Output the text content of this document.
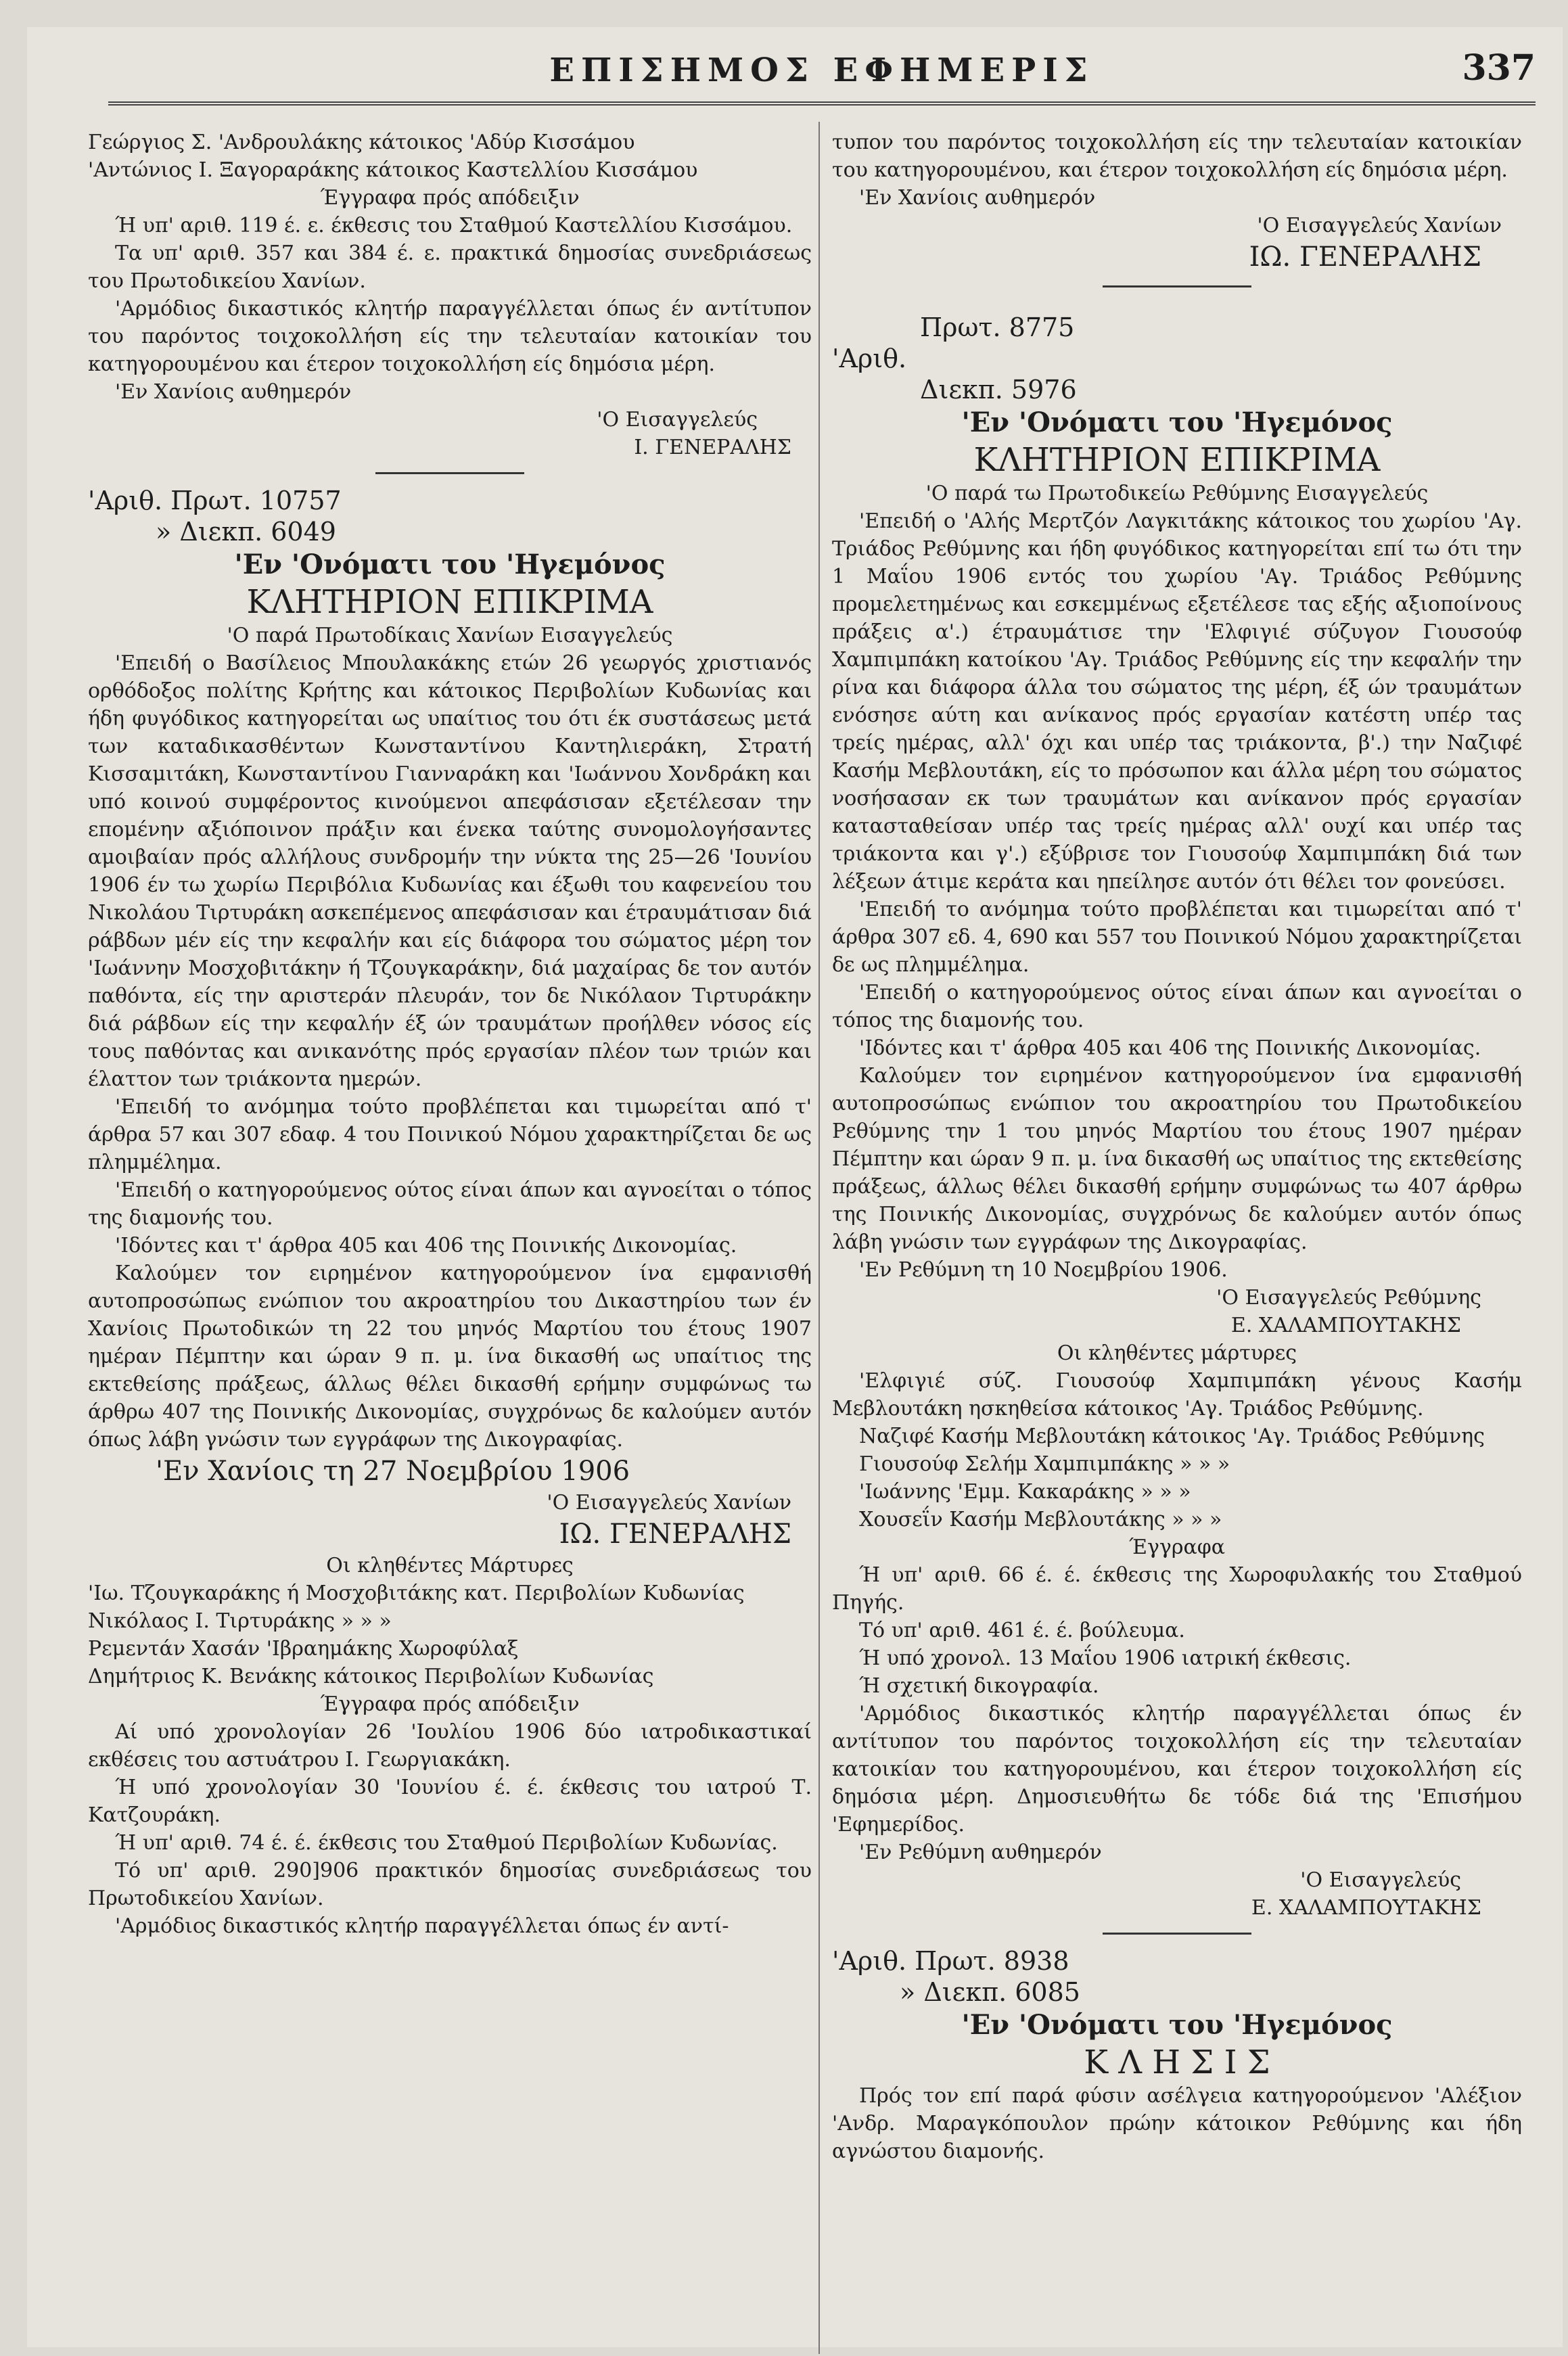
ΕΠΙΣΗΜΟΣ ΕΦΗΜΕΡΙΣ	337

Γεώργιος Σ. 'Ανδρουλάκης κάτοικος 'Αδύρ Κισσάμου

'Αντώνιος Ι. Ξαγοραράκης κάτοικος Καστελλίου Κισσάμου

Έγγραφα πρός απόδειξιν

Ή υπ' αριθ. 119 έ. ε. έκθεσις του Σταθμού Καστελλίου Κισσάμου.

Τα υπ' αριθ. 357 και 384 έ. ε. πρακτικά δημοσίας συνεδριάσεως του Πρωτοδικείου Χανίων.

'Αρμόδιος δικαστικός κλητήρ παραγγέλλεται όπως έν αντίτυπον του παρόντος τοιχοκολλήση είς την τελευταίαν κατοικίαν του κατηγορουμένου και έτερον τοιχοκολλήση είς δημόσια μέρη.

'Εν Χανίοις αυθημερόν

'Ο Εισαγγελεύς

Ι. ΓΕΝΕΡΑΛΗΣ

'Αριθ. Πρωτ. 10757

» Διεκπ. 6049

'Εν 'Ονόματι του 'Ηγεμόνος

ΚΛΗΤΗΡΙΟΝ ΕΠΙΚΡΙΜΑ

'Ο παρά Πρωτοδίκαις Χανίων Εισαγγελεύς

'Επειδή ο Βασίλειος Μπουλακάκης ετών 26 γεωργός χριστιανός ορθόδοξος πολίτης Κρήτης και κάτοικος Περιβολίων Κυδωνίας και ήδη φυγόδικος κατηγορείται ως υπαίτιος του ότι έκ συστάσεως μετά των καταδικασθέντων Κωνσταντίνου Καντηλιεράκη, Στρατή Κισσαμιτάκη, Κωνσταντίνου Γιανναράκη και 'Ιωάννου Χονδράκη και υπό κοινού συμφέροντος κινούμενοι απεφάσισαν εξετέλεσαν την επομένην αξιόποινον πράξιν και ένεκα ταύτης συνομολογήσαντες αμοιβαίαν πρός αλλήλους συνδρομήν την νύκτα της 25—26 'Ιουνίου 1906 έν τω χωρίω Περιβόλια Κυδωνίας και έξωθι του καφενείου του Νικολάου Τιρτυράκη ασκεπέμενος απεφάσισαν και έτραυμάτισαν διά ράβδων μέν είς την κεφαλήν και είς διάφορα του σώματος μέρη τον 'Ιωάννην Μοσχοβιτάκην ή Τζουγκαράκην, διά μαχαίρας δε τον αυτόν παθόντα, είς την αριστεράν πλευράν, τον δε Νικόλαον Τιρτυράκην διά ράβδων είς την κεφαλήν έξ ών τραυμάτων προήλθεν νόσος είς τους παθόντας και ανικανότης πρός εργασίαν πλέον των τριών και έλαττον των τριάκοντα ημερών.

'Επειδή το ανόμημα τούτο προβλέπεται και τιμωρείται από τ' άρθρα 57 και 307 εδαφ. 4 του Ποινικού Νόμου χαρακτηρίζεται δε ως πλημμέλημα.

'Επειδή ο κατηγορούμενος ούτος είναι άπων και αγνοείται ο τόπος της διαμονής του.

'Ιδόντες και τ' άρθρα 405 και 406 της Ποινικής Δικονομίας.

Καλούμεν τον ειρημένον κατηγορούμενον ίνα εμφανισθή αυτοπροσώπως ενώπιον του ακροατηρίου του Δικαστηρίου των έν Χανίοις Πρωτοδικών τη 22 του μηνός Μαρτίου του έτους 1907 ημέραν Πέμπτην και ώραν 9 π. μ. ίνα δικασθή ως υπαίτιος της εκτεθείσης πράξεως, άλλως θέλει δικασθή ερήμην συμφώνως τω άρθρω 407 της Ποινικής Δικονομίας, συγχρόνως δε καλούμεν αυτόν όπως λάβη γνώσιν των εγγράφων της Δικογραφίας.

'Εν Χανίοις τη 27 Νοεμβρίου 1906

'Ο Εισαγγελεύς Χανίων

ΙΩ. ΓΕΝΕΡΑΛΗΣ

Οι κληθέντες Μάρτυρες

'Ιω. Τζουγκαράκης ή Μοσχοβιτάκης κατ. Περιβολίων Κυδωνίας

Νικόλαος Ι. Τιρτυράκης » » »

Ρεμεντάν Χασάν 'Ιβραημάκης Χωροφύλαξ

Δημήτριος Κ. Βενάκης κάτοικος Περιβολίων Κυδωνίας

Έγγραφα πρός απόδειξιν

Αί υπό χρονολογίαν 26 'Ιουλίου 1906 δύο ιατροδικαστικαί εκθέσεις του αστυάτρου Ι. Γεωργιακάκη.

Ή υπό χρονολογίαν 30 'Ιουνίου έ. έ. έκθεσις του ιατρού Τ. Κατζουράκη.

Ή υπ' αριθ. 74 έ. έ. έκθεσις του Σταθμού Περιβολίων Κυδωνίας.

Τό υπ' αριθ. 290]906 πρακτικόν δημοσίας συνεδριάσεως του Πρωτοδικείου Χανίων.

'Αρμόδιος δικαστικός κλητήρ παραγγέλλεται όπως έν αντί-

τυπον του παρόντος τοιχοκολλήση είς την τελευταίαν κατοικίαν του κατηγορουμένου, και έτερον τοιχοκολλήση είς δημόσια μέρη.

'Εν Χανίοις αυθημερόν

'Ο Εισαγγελεύς Χανίων

ΙΩ. ΓΕΝΕΡΑΛΗΣ

Πρωτ. 8775

'Αριθ.

Διεκπ. 5976

'Εν 'Ονόματι του 'Ηγεμόνος

ΚΛΗΤΗΡΙΟΝ ΕΠΙΚΡΙΜΑ

'Ο παρά τω Πρωτοδικείω Ρεθύμνης Εισαγγελεύς

'Επειδή ο 'Αλής Μερτζόν Λαγκιτάκης κάτοικος του χωρίου 'Αγ. Τριάδος Ρεθύμνης και ήδη φυγόδικος κατηγορείται επί τω ότι την 1 Μαΐου 1906 εντός του χωρίου 'Αγ. Τριάδος Ρεθύμνης προμελετημένως και εσκεμμένως εξετέλεσε τας εξής αξιοποίνους πράξεις α'.) έτραυμάτισε την 'Ελφιγιέ σύζυγον Γιουσούφ Χαμπιμπάκη κατοίκου 'Αγ. Τριάδος Ρεθύμνης είς την κεφαλήν την ρίνα και διάφορα άλλα του σώματος της μέρη, έξ ών τραυμάτων ενόσησε αύτη και ανίκανος πρός εργασίαν κατέστη υπέρ τας τρείς ημέρας, αλλ' όχι και υπέρ τας τριάκοντα, β'.) την Ναζιφέ Κασήμ Μεβλουτάκη, είς το πρόσωπον και άλλα μέρη του σώματος νοσήσασαν εκ των τραυμάτων και ανίκανον πρός εργασίαν κατασταθείσαν υπέρ τας τρείς ημέρας αλλ' ουχί και υπέρ τας τριάκοντα και γ'.) εξύβρισε τον Γιουσούφ Χαμπιμπάκη διά των λέξεων άτιμε κεράτα και ηπείλησε αυτόν ότι θέλει τον φονεύσει.

'Επειδή το ανόμημα τούτο προβλέπεται και τιμωρείται από τ' άρθρα 307 εδ. 4, 690 και 557 του Ποινικού Νόμου χαρακτηρίζεται δε ως πλημμέλημα.

'Επειδή ο κατηγορούμενος ούτος είναι άπων και αγνοείται ο τόπος της διαμονής του.

'Ιδόντες και τ' άρθρα 405 και 406 της Ποινικής Δικονομίας.

Καλούμεν τον ειρημένον κατηγορούμενον ίνα εμφανισθή αυτοπροσώπως ενώπιον του ακροατηρίου του Πρωτοδικείου Ρεθύμνης την 1 του μηνός Μαρτίου του έτους 1907 ημέραν Πέμπτην και ώραν 9 π. μ. ίνα δικασθή ως υπαίτιος της εκτεθείσης πράξεως, άλλως θέλει δικασθή ερήμην συμφώνως τω 407 άρθρω της Ποινικής Δικονομίας, συγχρόνως δε καλούμεν αυτόν όπως λάβη γνώσιν των εγγράφων της Δικογραφίας.

'Εν Ρεθύμνη τη 10 Νοεμβρίου 1906.

'Ο Εισαγγελεύς Ρεθύμνης

Ε. ΧΑΛΑΜΠΟΥΤΑΚΗΣ

Οι κληθέντες μάρτυρες

'Ελφιγιέ σύζ. Γιουσούφ Χαμπιμπάκη γένους Κασήμ Μεβλουτάκη ησκηθείσα κάτοικος 'Αγ. Τριάδος Ρεθύμνης.

Ναζιφέ Κασήμ Μεβλουτάκη κάτοικος 'Αγ. Τριάδος Ρεθύμνης

Γιουσούφ Σελήμ Χαμπιμπάκης » » »

'Ιωάννης 'Εμμ. Κακαράκης » » »

Χουσεΐν Κασήμ Μεβλουτάκης » » »

Έγγραφα

Ή υπ' αριθ. 66 έ. έ. έκθεσις της Χωροφυλακής του Σταθμού Πηγής.

Τό υπ' αριθ. 461 έ. έ. βούλευμα.

Ή υπό χρονολ. 13 Μαΐου 1906 ιατρική έκθεσις.

Ή σχετική δικογραφία.

'Αρμόδιος δικαστικός κλητήρ παραγγέλλεται όπως έν αντίτυπον του παρόντος τοιχοκολλήση είς την τελευταίαν κατοικίαν του κατηγορουμένου, και έτερον τοιχοκολλήση είς δημόσια μέρη. Δημοσιευθήτω δε τόδε διά της 'Επισήμου 'Εφημερίδος.

'Εν Ρεθύμνη αυθημερόν

'Ο Εισαγγελεύς

Ε. ΧΑΛΑΜΠΟΥΤΑΚΗΣ

'Αριθ. Πρωτ. 8938

» Διεκπ. 6085

'Εν 'Ονόματι του 'Ηγεμόνος

Κ Λ Η Σ Ι Σ

Πρός τον επί παρά φύσιν ασέλγεια κατηγορούμενον 'Αλέξιον 'Ανδρ. Μαραγκόπουλον πρώην κάτοικον Ρεθύμνης και ήδη αγνώστου διαμονής.
